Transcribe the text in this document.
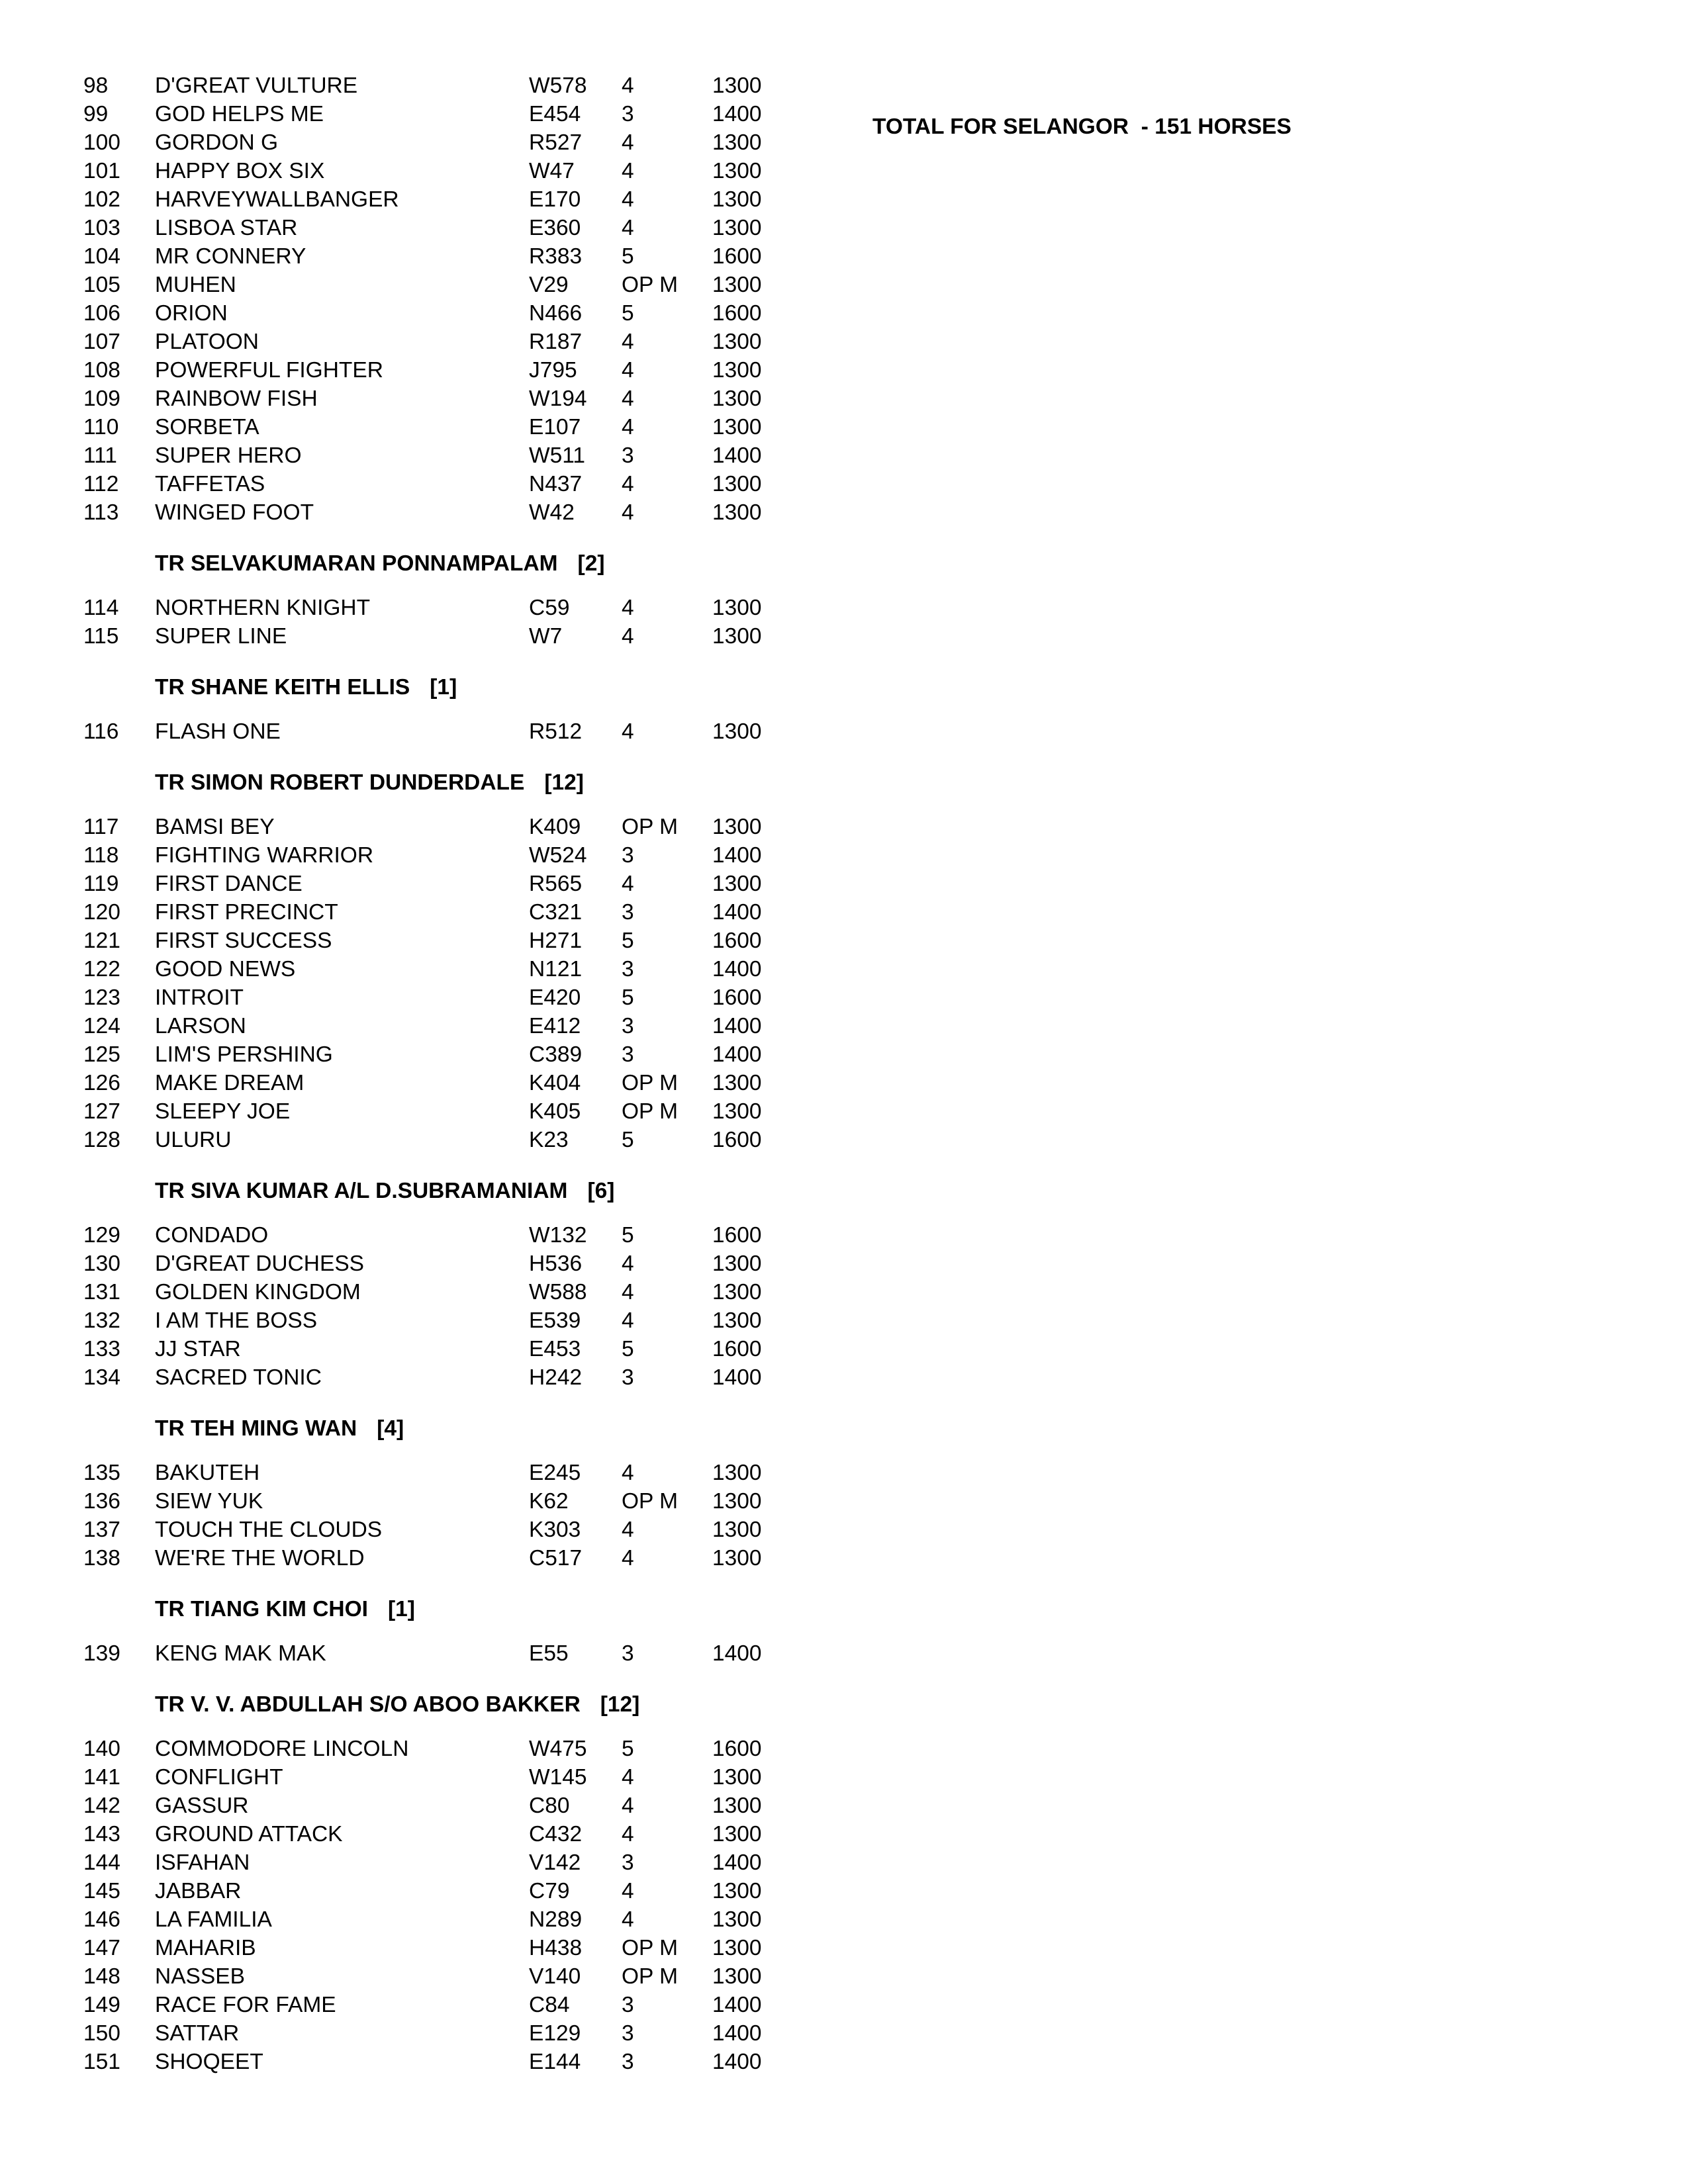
TOTAL FOR SELANGOR  - 151 HORSES
98 D'GREAT VULTURE	W578 4	1300
99 GOD HELPS ME	E454 3	1400
100 GORDON G	R527 4	1300
101 HAPPY BOX SIX	W47 4	1300
102 HARVEYWALLBANGER	E170 4	1300
103 LISBOA STAR	E360 4	1300
104 MR CONNERY	R383 5	1600
105 MUHEN	V29 OP M 1300
106 ORION	N466 5	1600
107 PLATOON	R187 4	1300
108 POWERFUL FIGHTER	J795 4	1300
109 RAINBOW FISH	W194 4	1300
110 SORBETA	E107 4	1300
111 SUPER HERO	W511 3	1400
112 TAFFETAS	N437 4	1300
113 WINGED FOOT	W42 4	1300
TR SELVAKUMARAN PONNAMPALAM [2]
114 NORTHERN KNIGHT	C59 4	1300
115 SUPER LINE	W7	4	1300
TR SHANE KEITH ELLIS [1]
116 FLASH ONE	R512 4	1300
TR SIMON ROBERT DUNDERDALE [12]
117 BAMSI BEY	K409 OP M 1300
118 FIGHTING WARRIOR	W524 3	1400
119 FIRST DANCE	R565 4	1300
120 FIRST PRECINCT	C321 3	1400
121 FIRST SUCCESS	H271 5	1600
122 GOOD NEWS	N121 3	1400
123 INTROIT	E420 5	1600
124 LARSON	E412 3	1400
125 LIM'S PERSHING	C389 3	1400
126 MAKE DREAM	K404 OP M 1300
127 SLEEPY JOE	K405 OP M 1300
128 ULURU	K23 5	1600
TR SIVA KUMAR A/L D.SUBRAMANIAM [6]
129 CONDADO	W132 5	1600
130 D'GREAT DUCHESS	H536 4	1300
131 GOLDEN KINGDOM	W588 4	1300
132 I AM THE BOSS	E539 4	1300
133 JJ STAR	E453 5	1600
134 SACRED TONIC	H242 3	1400
TR TEH MING WAN [4]
135 BAKUTEH	E245 4	1300
136 SIEW YUK	K62 OP M 1300
137 TOUCH THE CLOUDS	K303 4	1300
138 WE'RE THE WORLD	C517 4	1300
TR TIANG KIM CHOI [1]
139 KENG MAK MAK	E55 3	1400
TR V. V. ABDULLAH S/O ABOO BAKKER [12]
140 COMMODORE LINCOLN	W475 5	1600
141 CONFLIGHT	W145 4	1300
142 GASSUR	C80 4	1300
143 GROUND ATTACK	C432 4	1300
144 ISFAHAN	V142 3	1400
145 JABBAR	C79 4	1300
146 LA FAMILIA	N289 4	1300
147 MAHARIB	H438 OP M 1300
148 NASSEB	V140 OP M 1300
149 RACE FOR FAME	C84 3	1400
150 SATTAR	E129 3	1400
151 SHOQEET	E144 3	1400
